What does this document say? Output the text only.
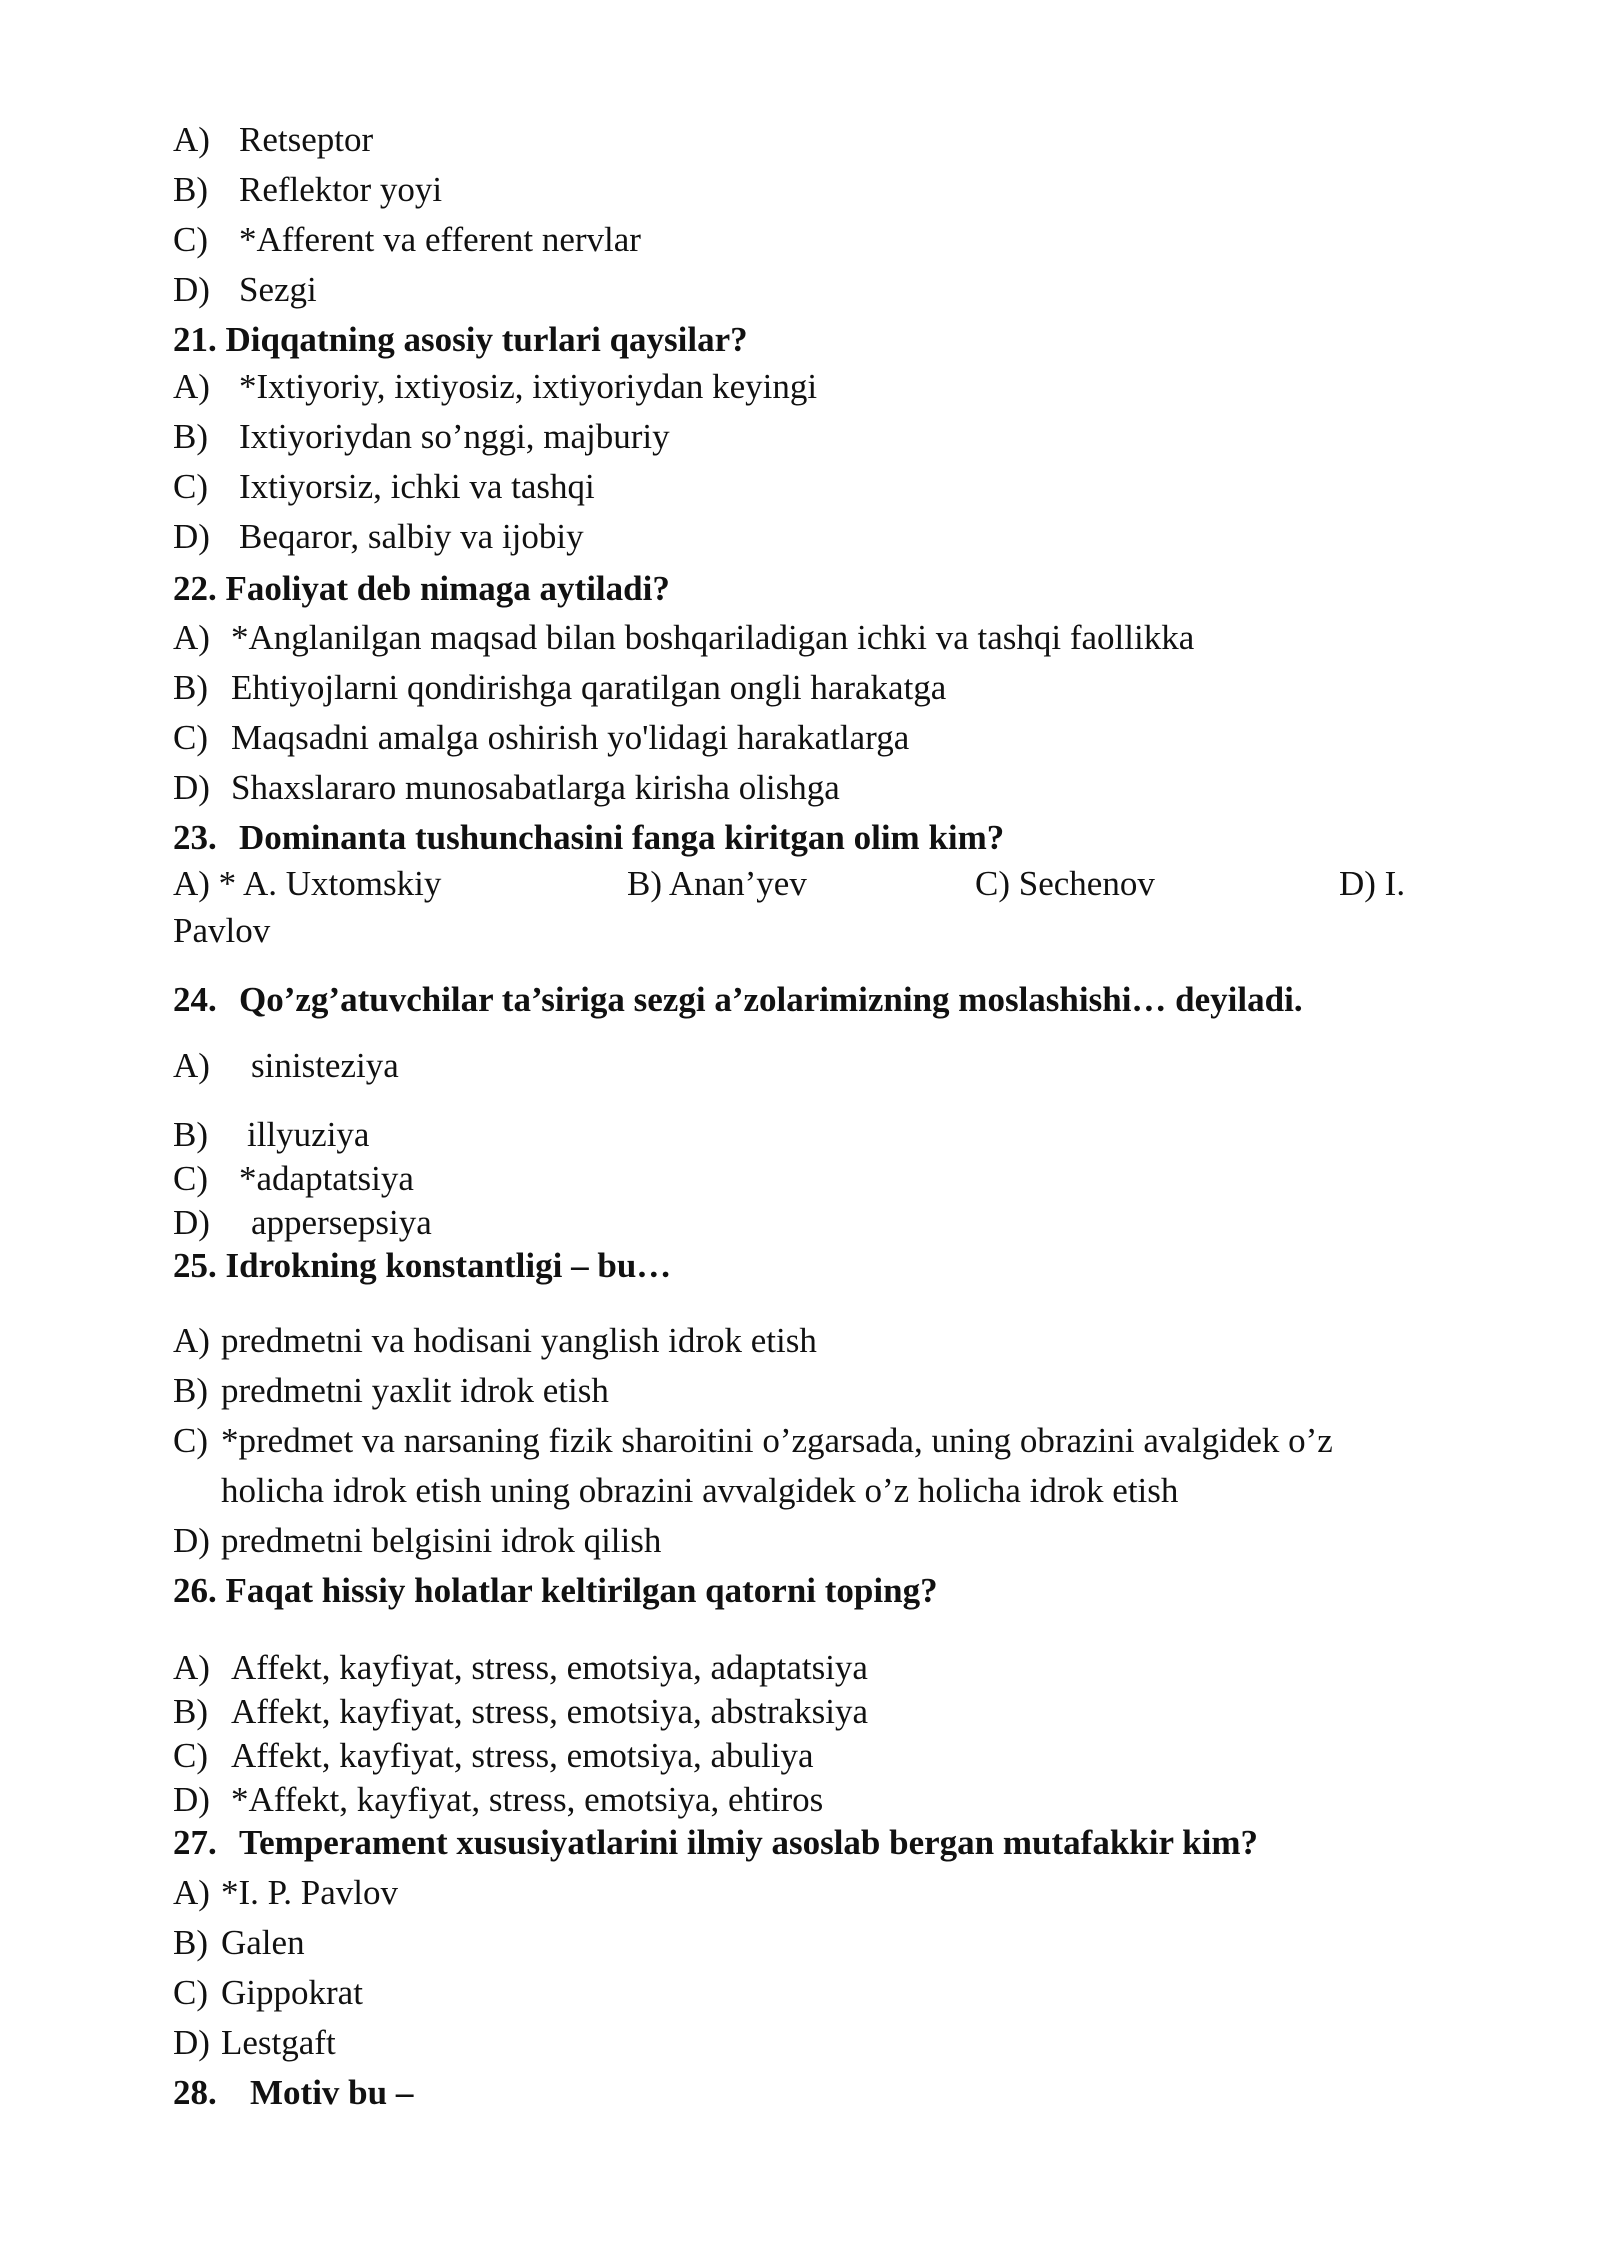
A) Retseptor
B) Reflektor yoyi
C) *Afferent va efferent nervlar
D) Sezgi
21. Diqqatning asosiy turlari qaysilar?
A) *Ixtiyoriy, ixtiyosiz, ixtiyoriydan keyingi
B) Ixtiyoriydan so’nggi, majburiy
C) Ixtiyorsiz, ichki va tashqi
D) Beqaror, salbiy va ijobiy
22. Faoliyat deb nimaga aytiladi?
A) *Anglanilgan maqsad bilan boshqariladigan ichki va tashqi faollikka
B) Ehtiyojlarni qondirishga qaratilgan ongli harakatga
C) Maqsadni amalga oshirish yo'lidagi harakatlarga
D) Shaxslararo munosabatlarga kirisha olishga
23. Dominanta tushunchasini fanga kiritgan olim kim?
A) * A. Uxtomskiy	B) Anan’yev	C) Sechenov	D) I.
Pavlov
24. Qo’zg’atuvchilar ta’siriga sezgi a’zolarimizning moslashishi… deyiladi.
A) sinisteziya
B) illyuziya
C) *adaptatsiya
D) appersepsiya
25. Idrokning konstantligi – bu…
A) predmetni va hodisani yanglish idrok etish
B) predmetni yaxlit idrok etish
C) *predmet va narsaning fizik sharoitini o’zgarsada, uning obrazini avalgidek o’z
holicha idrok etish uning obrazini avvalgidek o’z holicha idrok etish
D) predmetni belgisini idrok qilish
26. Faqat hissiy holatlar keltirilgan qatorni toping?
A) Affekt, kayfiyat, stress, emotsiya, adaptatsiya
B) Affekt, kayfiyat, stress, emotsiya, abstraksiya
C) Affekt, kayfiyat, stress, emotsiya, abuliya
D) *Affekt, kayfiyat, stress, emotsiya, ehtiros
27. Temperament xususiyatlarini ilmiy asoslab bergan mutafakkir kim?
A) *I. P. Pavlov
B) Galen
C) Gippokrat
D) Lestgaft
28. Motiv bu –
